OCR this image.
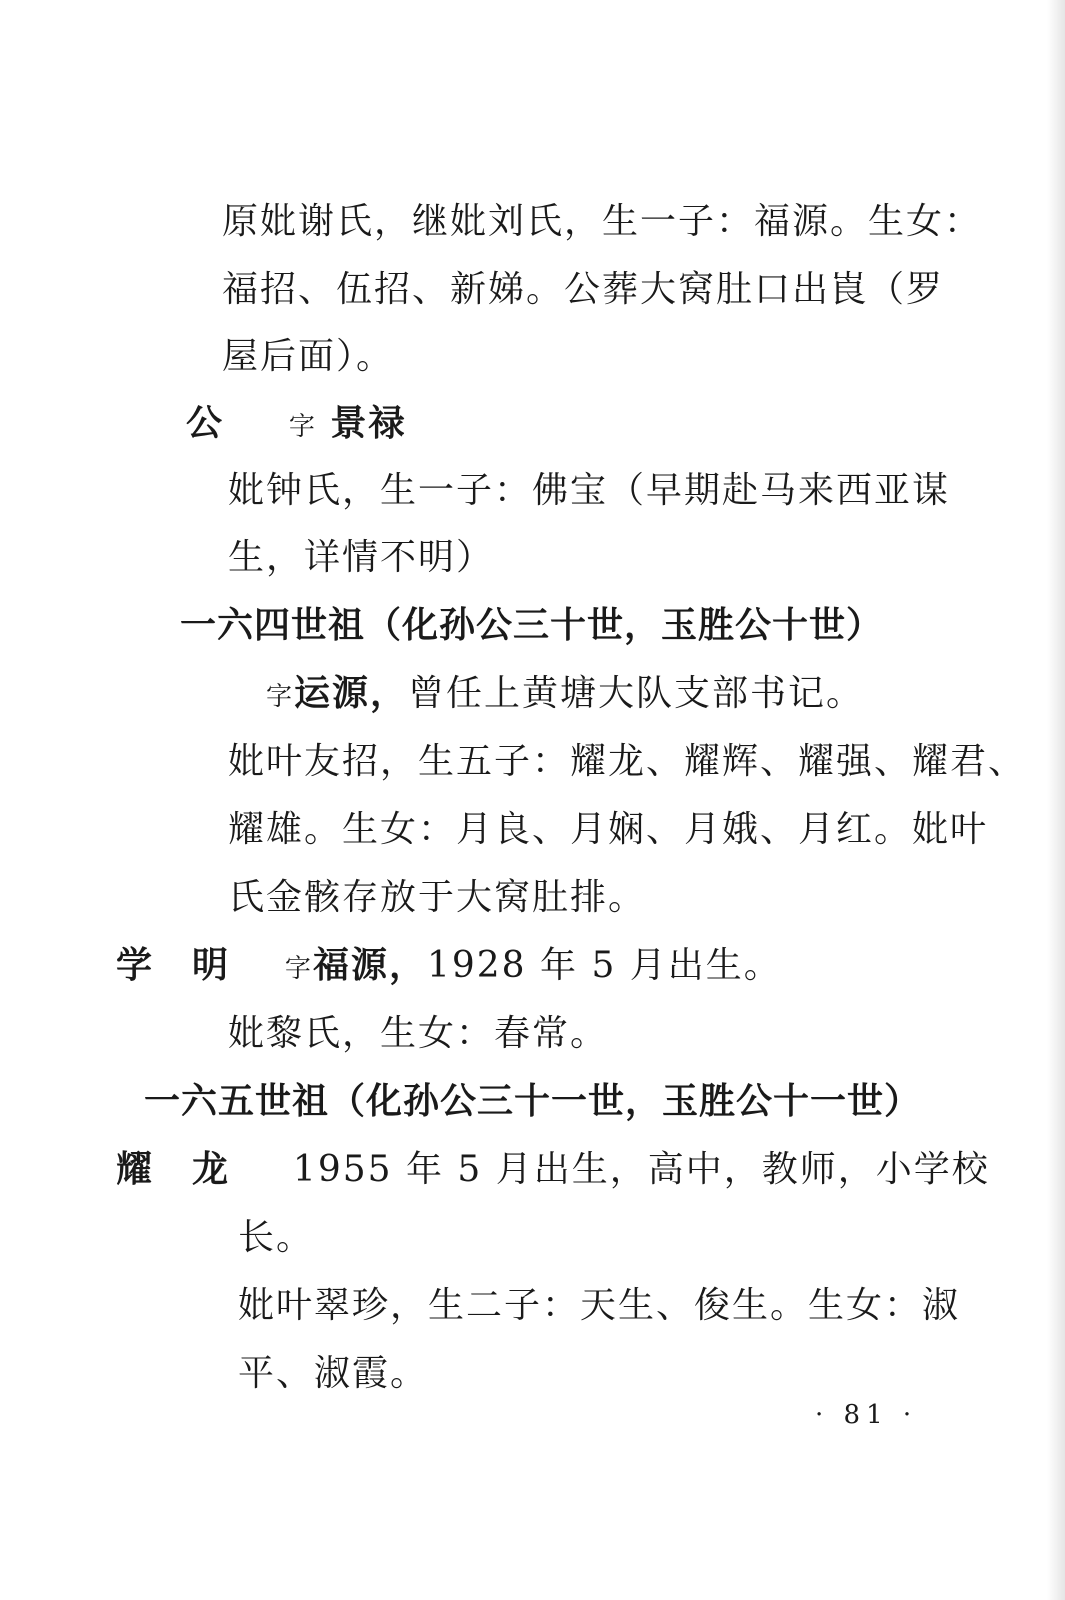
原妣谢氏，继妣刘氏，生一子：福源。生女：
福招、伍招、新娣。公葬大窝肚口出崀（罗
屋后面）。
公 字 景禄
妣钟氏，生一子：佛宝（早期赴马来西亚谋
生，详情不明）
一六四世祖（化孙公三十世，玉胜公十世）
字运源，曾任上黄塘大队支部书记。
妣叶友招，生五子：耀龙、耀辉、耀强、耀君、
耀雄。生女：月良、月娴、月娥、月红。妣叶
氏金骸存放于大窝肚排。
学　明 字福源，1928 年 5 月出生。
妣黎氏，生女：春常。
一六五世祖（化孙公三十一世，玉胜公十一世）
耀　龙 1955 年 5 月出生，高中，教师，小学校
长。
妣叶翠珍，生二子：天生、俊生。生女：淑
平、淑霞。
· 81 ·
